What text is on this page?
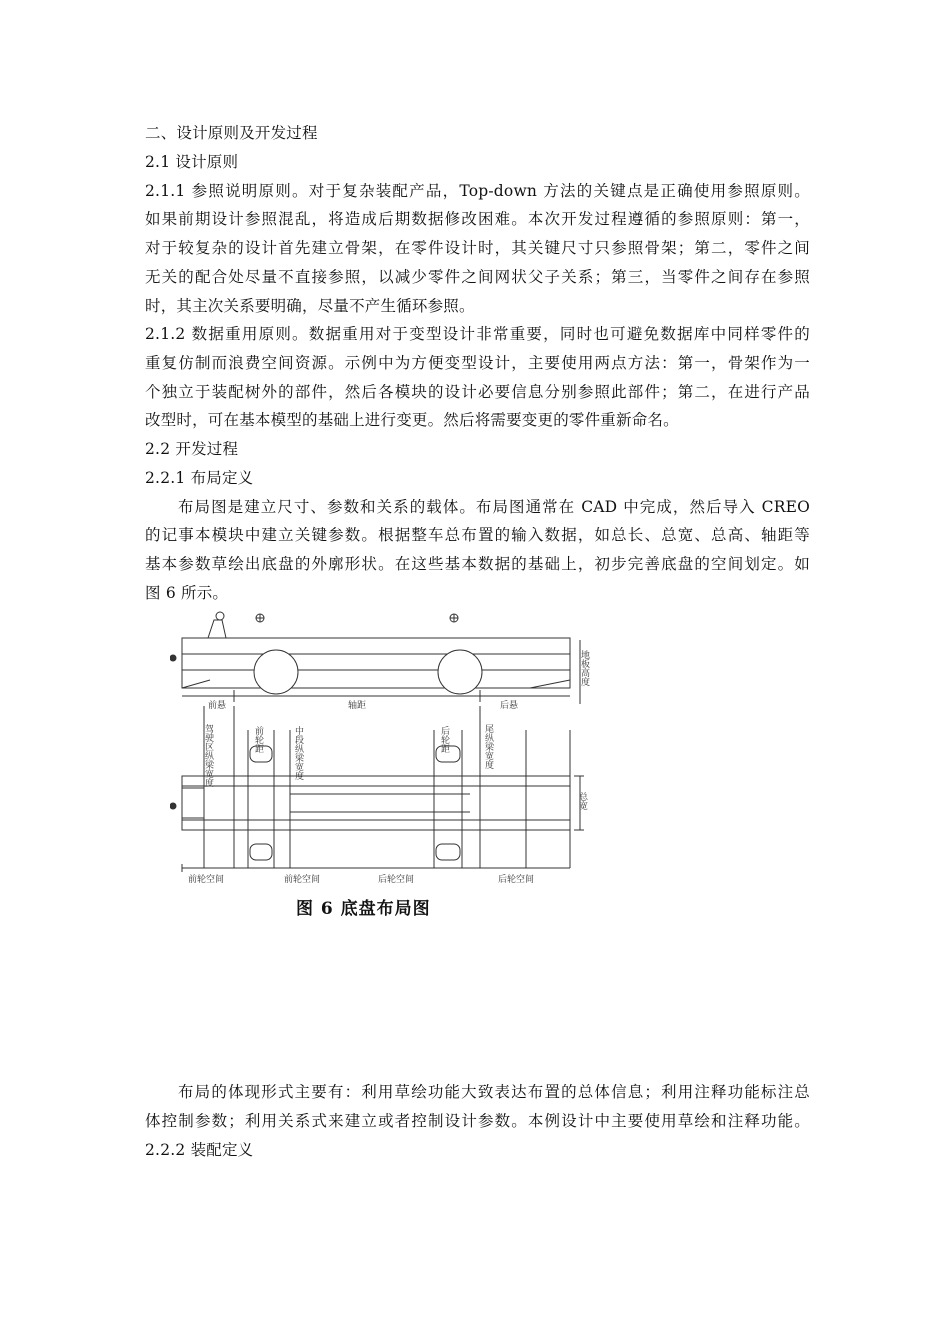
二、设计原则及开发过程
2.1 设计原则
2.1.1 参照说明原则。对于复杂装配产品，Top-down 方法的关键点是正确使用参照原则。
如果前期设计参照混乱，将造成后期数据修改困难。本次开发过程遵循的参照原则：第一，
对于较复杂的设计首先建立骨架，在零件设计时，其关键尺寸只参照骨架；第二，零件之间
无关的配合处尽量不直接参照，以减少零件之间网状父子关系；第三，当零件之间存在参照
时，其主次关系要明确，尽量不产生循环参照。
2.1.2 数据重用原则。数据重用对于变型设计非常重要，同时也可避免数据库中同样零件的
重复仿制而浪费空间资源。示例中为方便变型设计，主要使用两点方法：第一，骨架作为一
个独立于装配树外的部件，然后各模块的设计必要信息分别参照此部件；第二，在进行产品
改型时，可在基本模型的基础上进行变更。然后将需要变更的零件重新命名。
2.2 开发过程
2.2.1 布局定义
布局图是建立尺寸、参数和关系的载体。布局图通常在 CAD 中完成，然后导入 CREO
的记事本模块中建立关键参数。根据整车总布置的输入数据，如总长、总宽、总高、轴距等
基本参数草绘出底盘的外廓形状。在这些基本数据的基础上，初步完善底盘的空间划定。如
图 6 所示。
前悬	轴距	后悬
地板高度
驾驶区纵梁宽度	前轮距	中段纵梁宽度	后轮距	尾纵梁宽度
总宽
前轮空间	前轮空间	后轮空间	后轮空间
图 6 底盘布局图
布局的体现形式主要有：利用草绘功能大致表达布置的总体信息；利用注释功能标注总
体控制参数；利用关系式来建立或者控制设计参数。本例设计中主要使用草绘和注释功能。
2.2.2 装配定义
